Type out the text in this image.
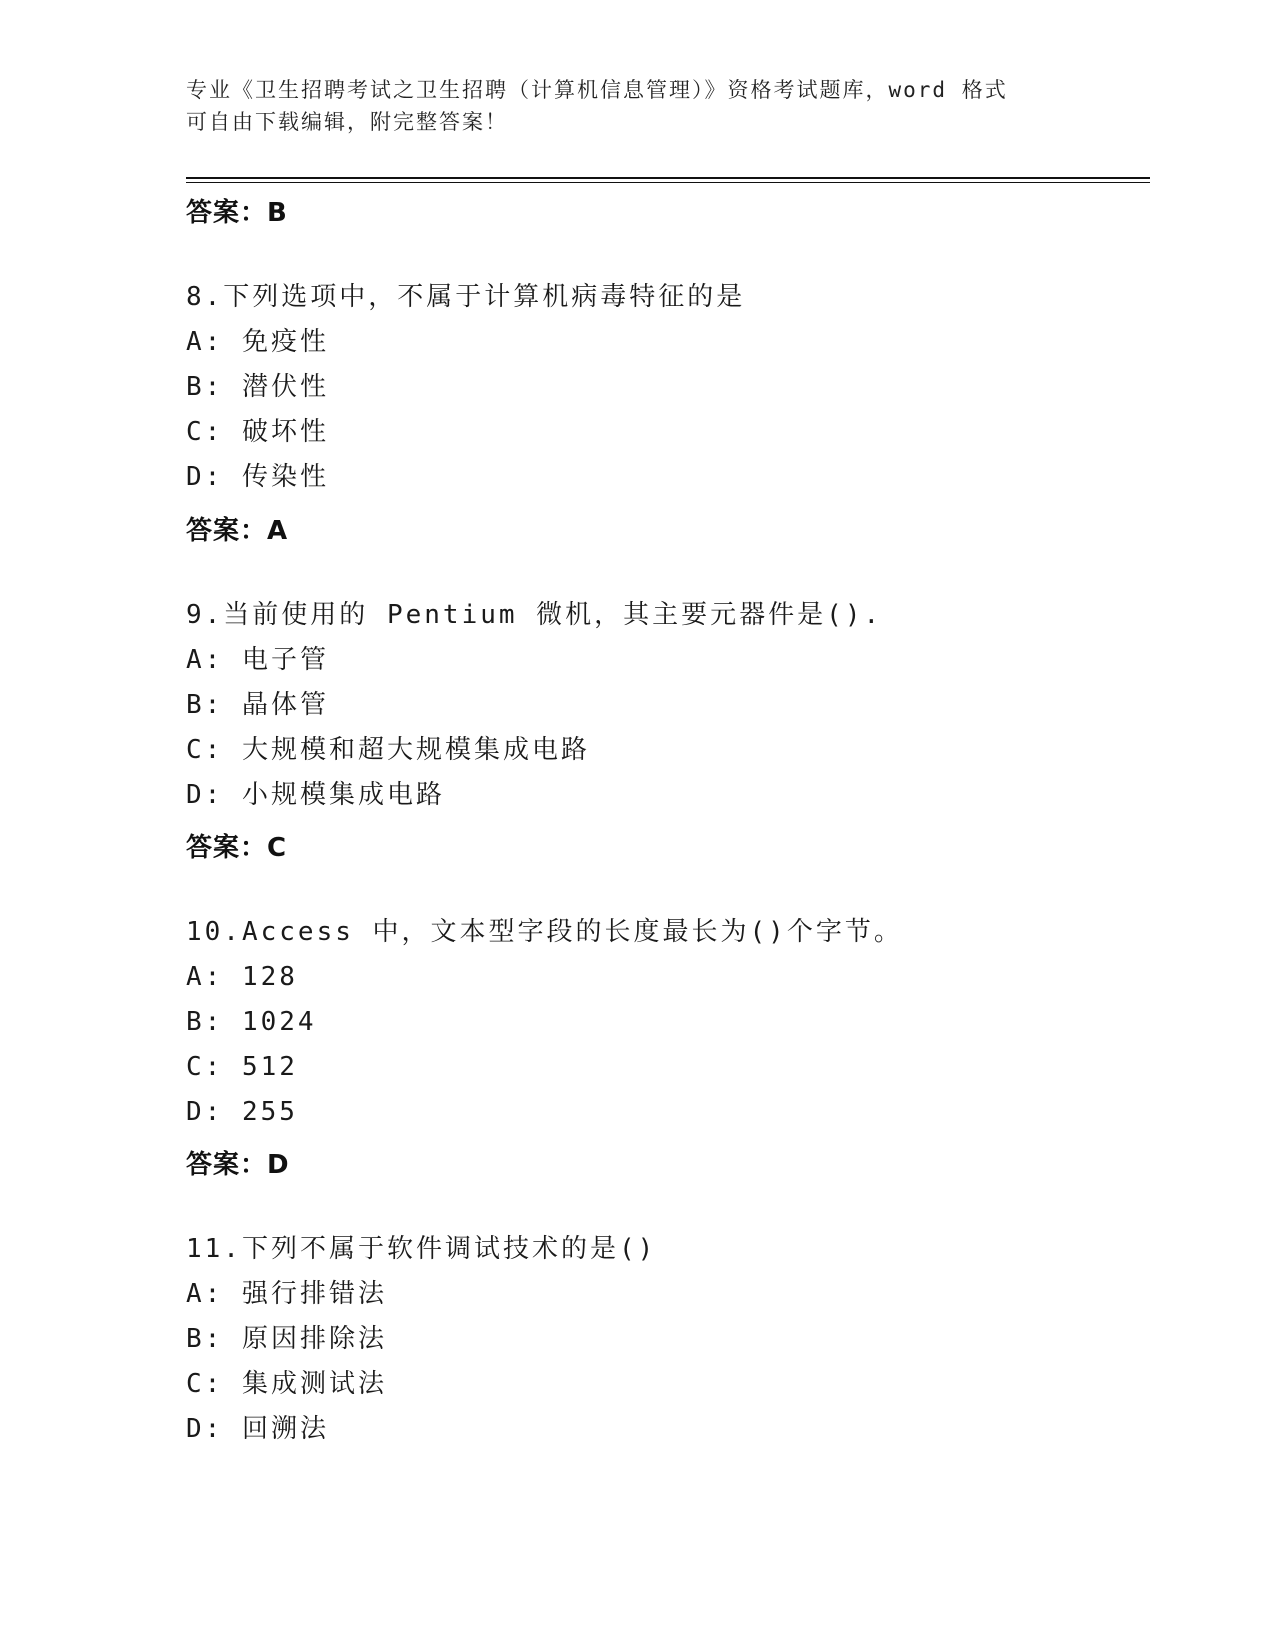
专业《卫生招聘考试之卫生招聘（计算机信息管理）》资格考试题库，word 格式
可自由下载编辑，附完整答案！
答案：B
8.下列选项中，不属于计算机病毒特征的是
A: 免疫性
B: 潜伏性
C: 破坏性
D: 传染性
答案：A
9.当前使用的 Pentium 微机，其主要元器件是().
A: 电子管
B: 晶体管
C: 大规模和超大规模集成电路
D: 小规模集成电路
答案：C
10.Access 中，文本型字段的长度最长为()个字节。
A: 128
B: 1024
C: 512
D: 255
答案：D
11.下列不属于软件调试技术的是()
A: 强行排错法
B: 原因排除法
C: 集成测试法
D: 回溯法
